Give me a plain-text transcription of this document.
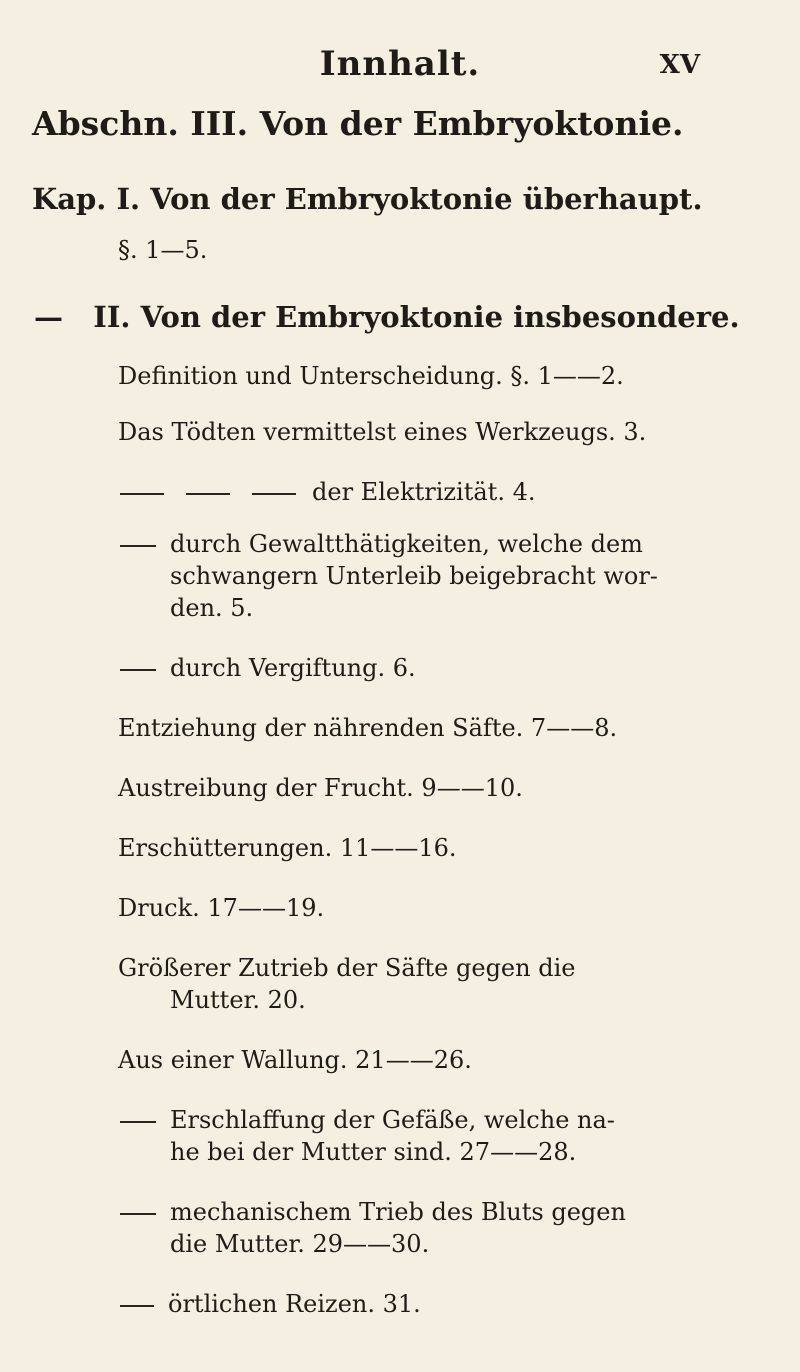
Innhalt.	XV
Abschn. III. Von der Embryoktonie.
Kap. I. Von der Embryoktonie überhaupt.
§. 1—5.
— II. Von der Embryoktonie insbesondere.
Definition und Unterscheidung. §. 1——2.
Das Tödten vermittelst eines Werkzeugs. 3.
der Elektrizität. 4.
durch Gewaltthätigkeiten, welche dem
schwangern Unterleib beigebracht wor-
den. 5.
durch Vergiftung. 6.
Entziehung der nährenden Säfte. 7——8.
Austreibung der Frucht. 9——10.
Erschütterungen. 11——16.
Druck. 17——19.
Größerer Zutrieb der Säfte gegen die
Mutter. 20.
Aus einer Wallung. 21——26.
Erschlaffung der Gefäße, welche na-
he bei der Mutter sind. 27——28.
mechanischem Trieb des Bluts gegen
die Mutter. 29——30.
örtlichen Reizen. 31.
